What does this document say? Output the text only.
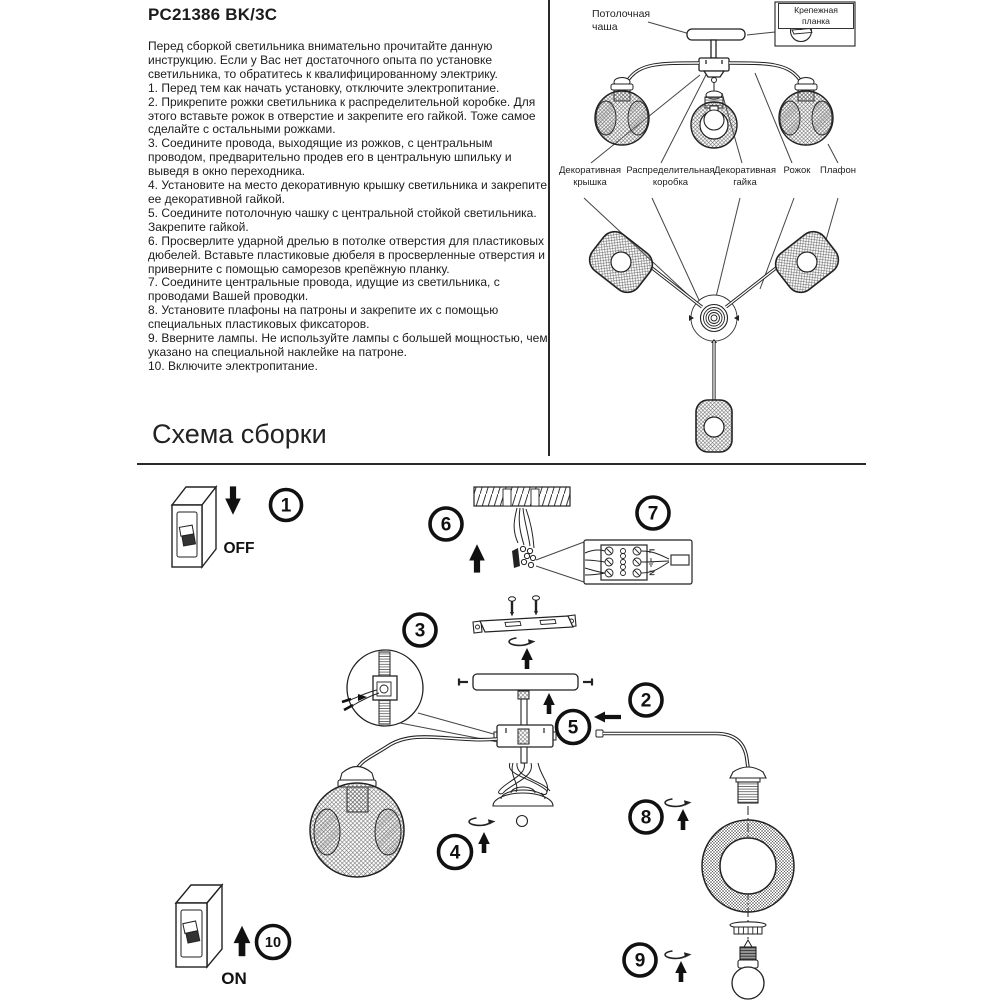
PC21386 BK/3C
Перед сборкой светильника внимательно прочитайте данную инструкцию. Если у Вас нет достаточного опыта по установке светильника, то обратитесь к квалифицированному электрику.
1. Перед тем как начать установку, отключите электропитание.
2. Прикрепите рожки светильника к распределительной коробке. Для этого вставьте рожок в отверстие и закрепите его гайкой. Тоже самое сделайте с остальными рожками.
3. Соедините провода, выходящие из рожков, с центральным проводом, предварительно продев его в центральную шпильку и выведя в окно переходника.
4. Установите на место декоративную крышку светильника и закрепите ее декоративной гайкой.
5. Соедините потолочную чашку с центральной стойкой светильника. Закрепите гайкой.
6. Просверлите ударной дрелью в потолке отверстия для пластиковых дюбелей. Вставьте пластиковые дюбеля в просверленные отверстия и приверните с помощью саморезов крепёжную планку.
7. Соедините центральные провода, идущие из светильника, с проводами Вашей проводки.
8. Установите плафоны на патроны и закрепите их с помощью специальных пластиковых фиксаторов.
9. Вверните лампы. Не используйте лампы с большей мощностью, чем указано на специальной наклейке на патроне.
10. Включите электропитание.
Схема сборки
Потолочная чаша
Крепежная планка
Декоративная крышка
Распределительная коробка
Декоративная гайка
Рожок	Плафон
OFF
1
6
L
N
7
3
5
2
8
9
4
ON
10
